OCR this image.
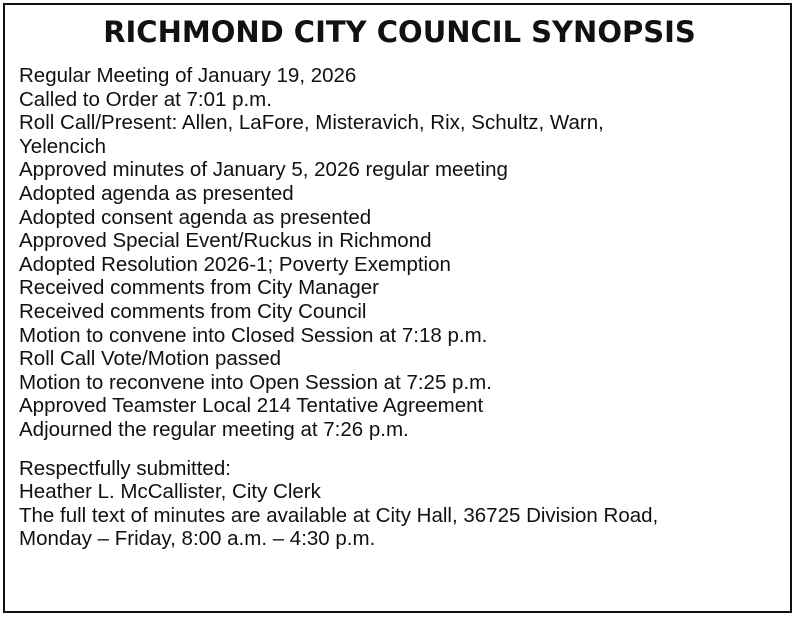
RICHMOND CITY COUNCIL SYNOPSIS

Regular Meeting of January 19, 2026

Called to Order at 7:01 p.m.

Roll Call/Present: Allen, LaFore, Misteravich, Rix, Schultz, Warn,

Yelencich

Approved minutes of January 5, 2026 regular meeting

Adopted agenda as presented

Adopted consent agenda as presented

Approved Special Event/Ruckus in Richmond

Adopted Resolution 2026-1; Poverty Exemption

Received comments from City Manager

Received comments from City Council

Motion to convene into Closed Session at 7:18 p.m.

Roll Call Vote/Motion passed

Motion to reconvene into Open Session at 7:25 p.m.

Approved Teamster Local 214 Tentative Agreement

Adjourned the regular meeting at 7:26 p.m.

Respectfully submitted:

Heather L. McCallister, City Clerk

The full text of minutes are available at City Hall, 36725 Division Road,

Monday – Friday, 8:00 a.m. – 4:30 p.m.
